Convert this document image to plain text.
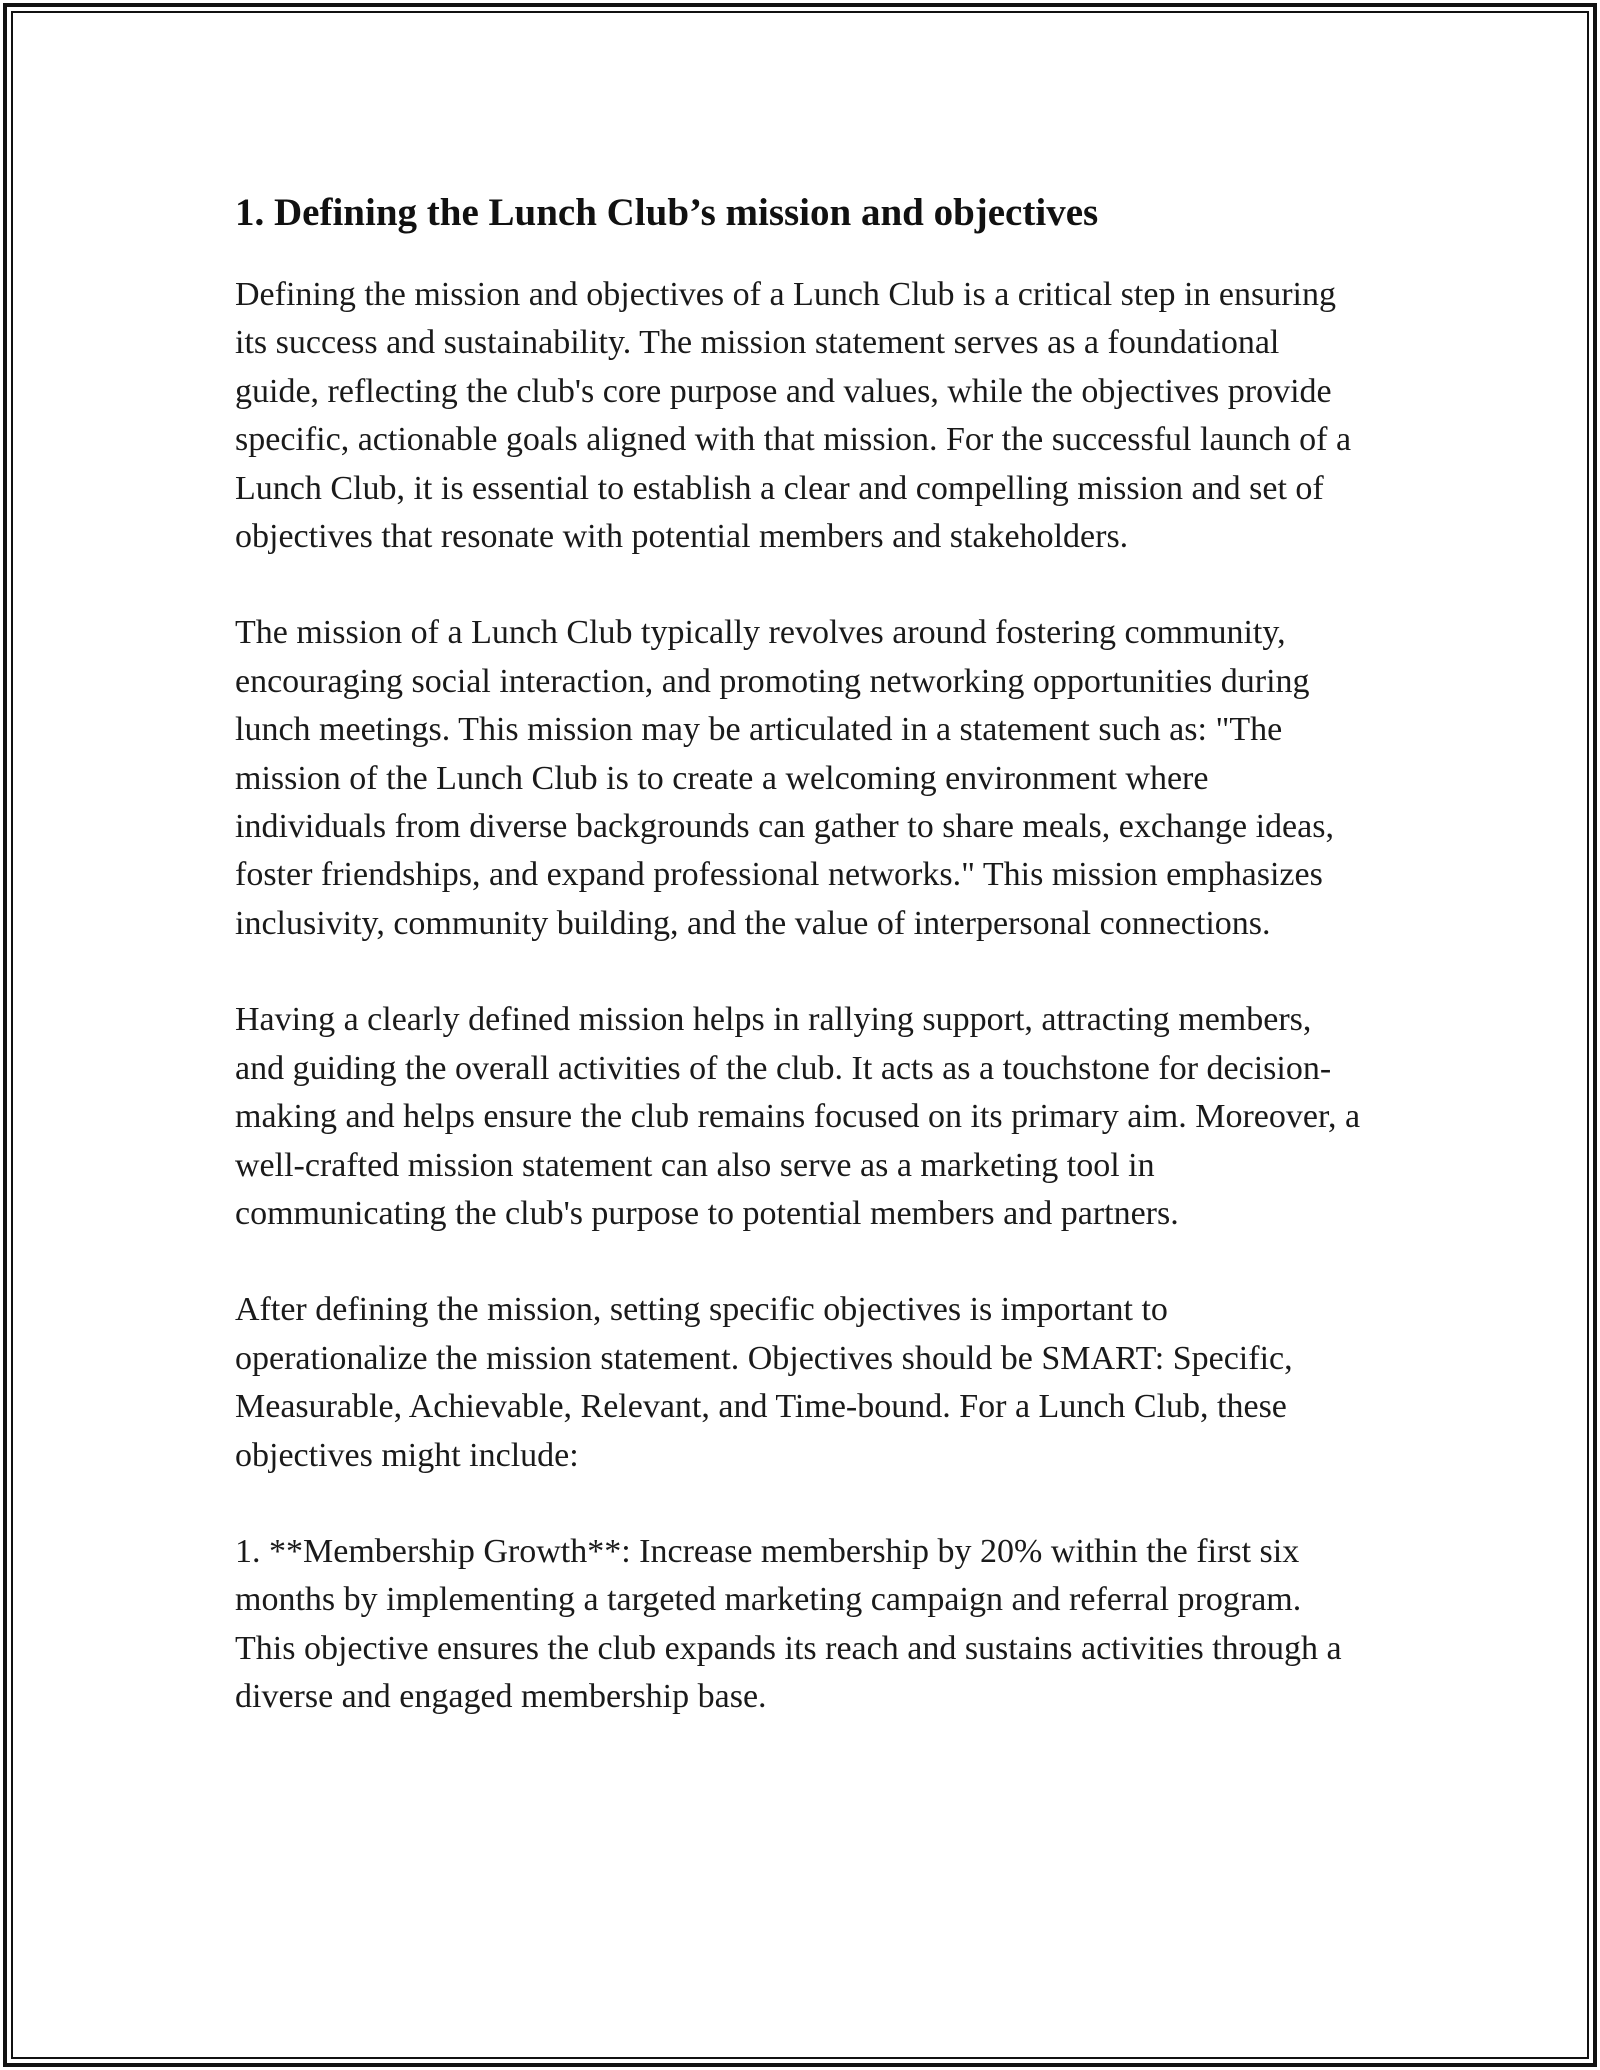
1. Defining the Lunch Club’s mission and objectives

Defining the mission and objectives of a Lunch Club is a critical step in ensuring its success and sustainability. The mission statement serves as a foundational guide, reflecting the club's core purpose and values, while the objectives provide specific, actionable goals aligned with that mission. For the successful launch of a Lunch Club, it is essential to establish a clear and compelling mission and set of objectives that resonate with potential members and stakeholders.

The mission of a Lunch Club typically revolves around fostering community, encouraging social interaction, and promoting networking opportunities during lunch meetings. This mission may be articulated in a statement such as: "The mission of the Lunch Club is to create a welcoming environment where individuals from diverse backgrounds can gather to share meals, exchange ideas, foster friendships, and expand professional networks." This mission emphasizes inclusivity, community building, and the value of interpersonal connections.

Having a clearly defined mission helps in rallying support, attracting members, and guiding the overall activities of the club. It acts as a touchstone for decision-making and helps ensure the club remains focused on its primary aim. Moreover, a well-crafted mission statement can also serve as a marketing tool in communicating the club's purpose to potential members and partners.

After defining the mission, setting specific objectives is important to operationalize the mission statement. Objectives should be SMART: Specific, Measurable, Achievable, Relevant, and Time-bound. For a Lunch Club, these objectives might include:

1. **Membership Growth**: Increase membership by 20% within the first six months by implementing a targeted marketing campaign and referral program. This objective ensures the club expands its reach and sustains activities through a diverse and engaged membership base.
